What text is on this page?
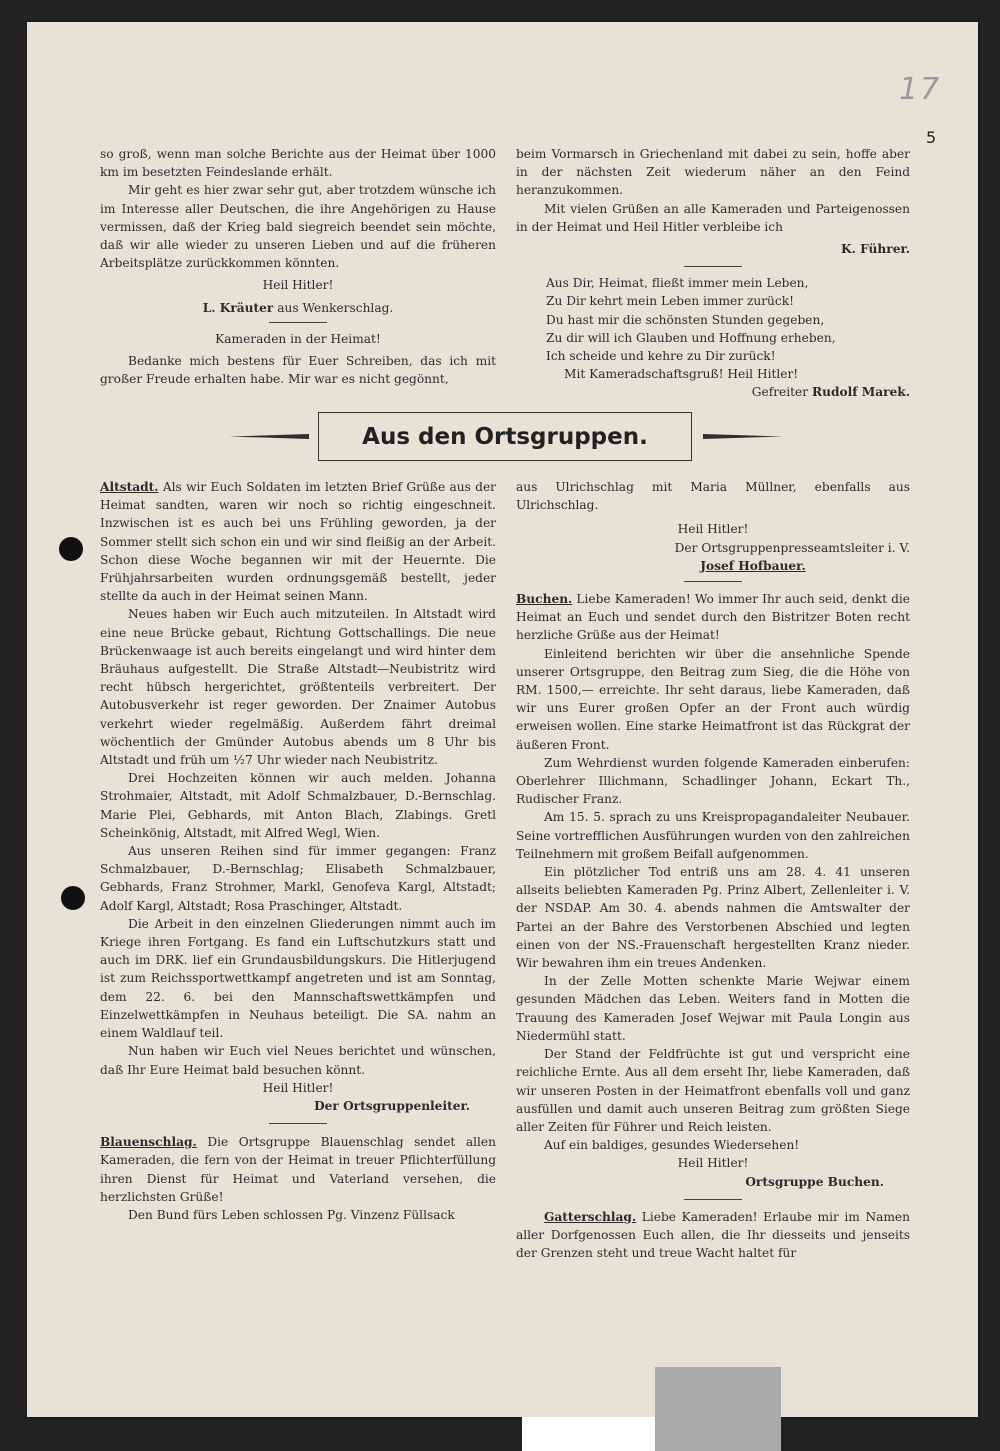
17
5

so groß, wenn man solche Berichte aus der Heimat über 1000 km im besetzten Feindeslande erhält.

Mir geht es hier zwar sehr gut, aber trotzdem wünsche ich im Interesse aller Deutschen, die ihre Angehörigen zu Hause vermissen, daß der Krieg bald siegreich beendet sein möchte, daß wir alle wieder zu unseren Lieben und auf die früheren Arbeitsplätze zurückkommen könnten.

Heil Hitler!

L. Kräuter aus Wenkerschlag.

Kameraden in der Heimat!

Bedanke mich bestens für Euer Schreiben, das ich mit großer Freude erhalten habe. Mir war es nicht gegönnt,

beim Vormarsch in Griechenland mit dabei zu sein, hoffe aber in der nächsten Zeit wiederum näher an den Feind heranzukommen.

Mit vielen Grüßen an alle Kameraden und Parteigenossen in der Heimat und Heil Hitler verbleibe ich

K. Führer.

Aus Dir, Heimat, fließt immer mein Leben,

Zu Dir kehrt mein Leben immer zurück!

Du hast mir die schönsten Stunden gegeben,

Zu dir will ich Glauben und Hoffnung erheben,

Ich scheide und kehre zu Dir zurück!

Mit Kameradschaftsgruß! Heil Hitler!

Gefreiter Rudolf Marek.

Aus den Ortsgruppen.

Altstadt. Als wir Euch Soldaten im letzten Brief Grüße aus der Heimat sandten, waren wir noch so richtig eingeschneit. Inzwischen ist es auch bei uns Frühling geworden, ja der Sommer stellt sich schon ein und wir sind fleißig an der Arbeit. Schon diese Woche begannen wir mit der Heuernte. Die Frühjahrsarbeiten wurden ordnungsgemäß bestellt, jeder stellte da auch in der Heimat seinen Mann.

Neues haben wir Euch auch mitzuteilen. In Altstadt wird eine neue Brücke gebaut, Richtung Gottschallings. Die neue Brückenwaage ist auch bereits eingelangt und wird hinter dem Bräuhaus aufgestellt. Die Straße Altstadt—Neubistritz wird recht hübsch hergerichtet, größtenteils verbreitert. Der Autobusverkehr ist reger geworden. Der Znaimer Autobus verkehrt wieder regelmäßig. Außerdem fährt dreimal wöchentlich der Gmünder Autobus abends um 8 Uhr bis Altstadt und früh um ½7 Uhr wieder nach Neubistritz.

Drei Hochzeiten können wir auch melden. Johanna Strohmaier, Altstadt, mit Adolf Schmalzbauer, D.-Bernschlag. Marie Plei, Gebhards, mit Anton Blach, Zlabings. Gretl Scheinkönig, Altstadt, mit Alfred Wegl, Wien.

Aus unseren Reihen sind für immer gegangen: Franz Schmalzbauer, D.-Bernschlag; Elisabeth Schmalzbauer, Gebhards, Franz Strohmer, Markl, Genofeva Kargl, Altstadt; Adolf Kargl, Altstadt; Rosa Praschinger, Altstadt.

Die Arbeit in den einzelnen Gliederungen nimmt auch im Kriege ihren Fortgang. Es fand ein Luftschutzkurs statt und auch im DRK. lief ein Grundausbildungskurs. Die Hitlerjugend ist zum Reichssportwettkampf angetreten und ist am Sonntag, dem 22. 6. bei den Mannschaftswettkämpfen und Einzelwettkämpfen in Neuhaus beteiligt. Die SA. nahm an einem Waldlauf teil.

Nun haben wir Euch viel Neues berichtet und wünschen, daß Ihr Eure Heimat bald besuchen könnt.

Heil Hitler!

Der Ortsgruppenleiter.

Blauenschlag. Die Ortsgruppe Blauenschlag sendet allen Kameraden, die fern von der Heimat in treuer Pflichterfüllung ihren Dienst für Heimat und Vaterland versehen, die herzlichsten Grüße!

Den Bund fürs Leben schlossen Pg. Vinzenz Füllsack

aus Ulrichschlag mit Maria Müllner, ebenfalls aus Ulrichschlag.

Heil Hitler!

Der Ortsgruppenpresseamtsleiter i. V.

Josef Hofbauer.

Buchen. Liebe Kameraden! Wo immer Ihr auch seid, denkt die Heimat an Euch und sendet durch den Bistritzer Boten recht herzliche Grüße aus der Heimat!

Einleitend berichten wir über die ansehnliche Spende unserer Ortsgruppe, den Beitrag zum Sieg, die die Höhe von RM. 1500,— erreichte. Ihr seht daraus, liebe Kameraden, daß wir uns Eurer großen Opfer an der Front auch würdig erweisen wollen. Eine starke Heimatfront ist das Rückgrat der äußeren Front.

Zum Wehrdienst wurden folgende Kameraden einberufen: Oberlehrer Illichmann, Schadlinger Johann, Eckart Th., Rudischer Franz.

Am 15. 5. sprach zu uns Kreispropagandaleiter Neubauer. Seine vortrefflichen Ausführungen wurden von den zahlreichen Teilnehmern mit großem Beifall aufgenommen.

Ein plötzlicher Tod entriß uns am 28. 4. 41 unseren allseits beliebten Kameraden Pg. Prinz Albert, Zellenleiter i. V. der NSDAP. Am 30. 4. abends nahmen die Amtswalter der Partei an der Bahre des Verstorbenen Abschied und legten einen von der NS.-Frauenschaft hergestellten Kranz nieder. Wir bewahren ihm ein treues Andenken.

In der Zelle Motten schenkte Marie Wejwar einem gesunden Mädchen das Leben. Weiters fand in Motten die Trauung des Kameraden Josef Wejwar mit Paula Longin aus Niedermühl statt.

Der Stand der Feldfrüchte ist gut und verspricht eine reichliche Ernte. Aus all dem erseht Ihr, liebe Kameraden, daß wir unseren Posten in der Heimatfront ebenfalls voll und ganz ausfüllen und damit auch unseren Beitrag zum größten Siege aller Zeiten für Führer und Reich leisten.

Auf ein baldiges, gesundes Wiedersehen!

Heil Hitler!

Ortsgruppe Buchen.

Gatterschlag. Liebe Kameraden! Erlaube mir im Namen aller Dorfgenossen Euch allen, die Ihr diesseits und jenseits der Grenzen steht und treue Wacht haltet für
